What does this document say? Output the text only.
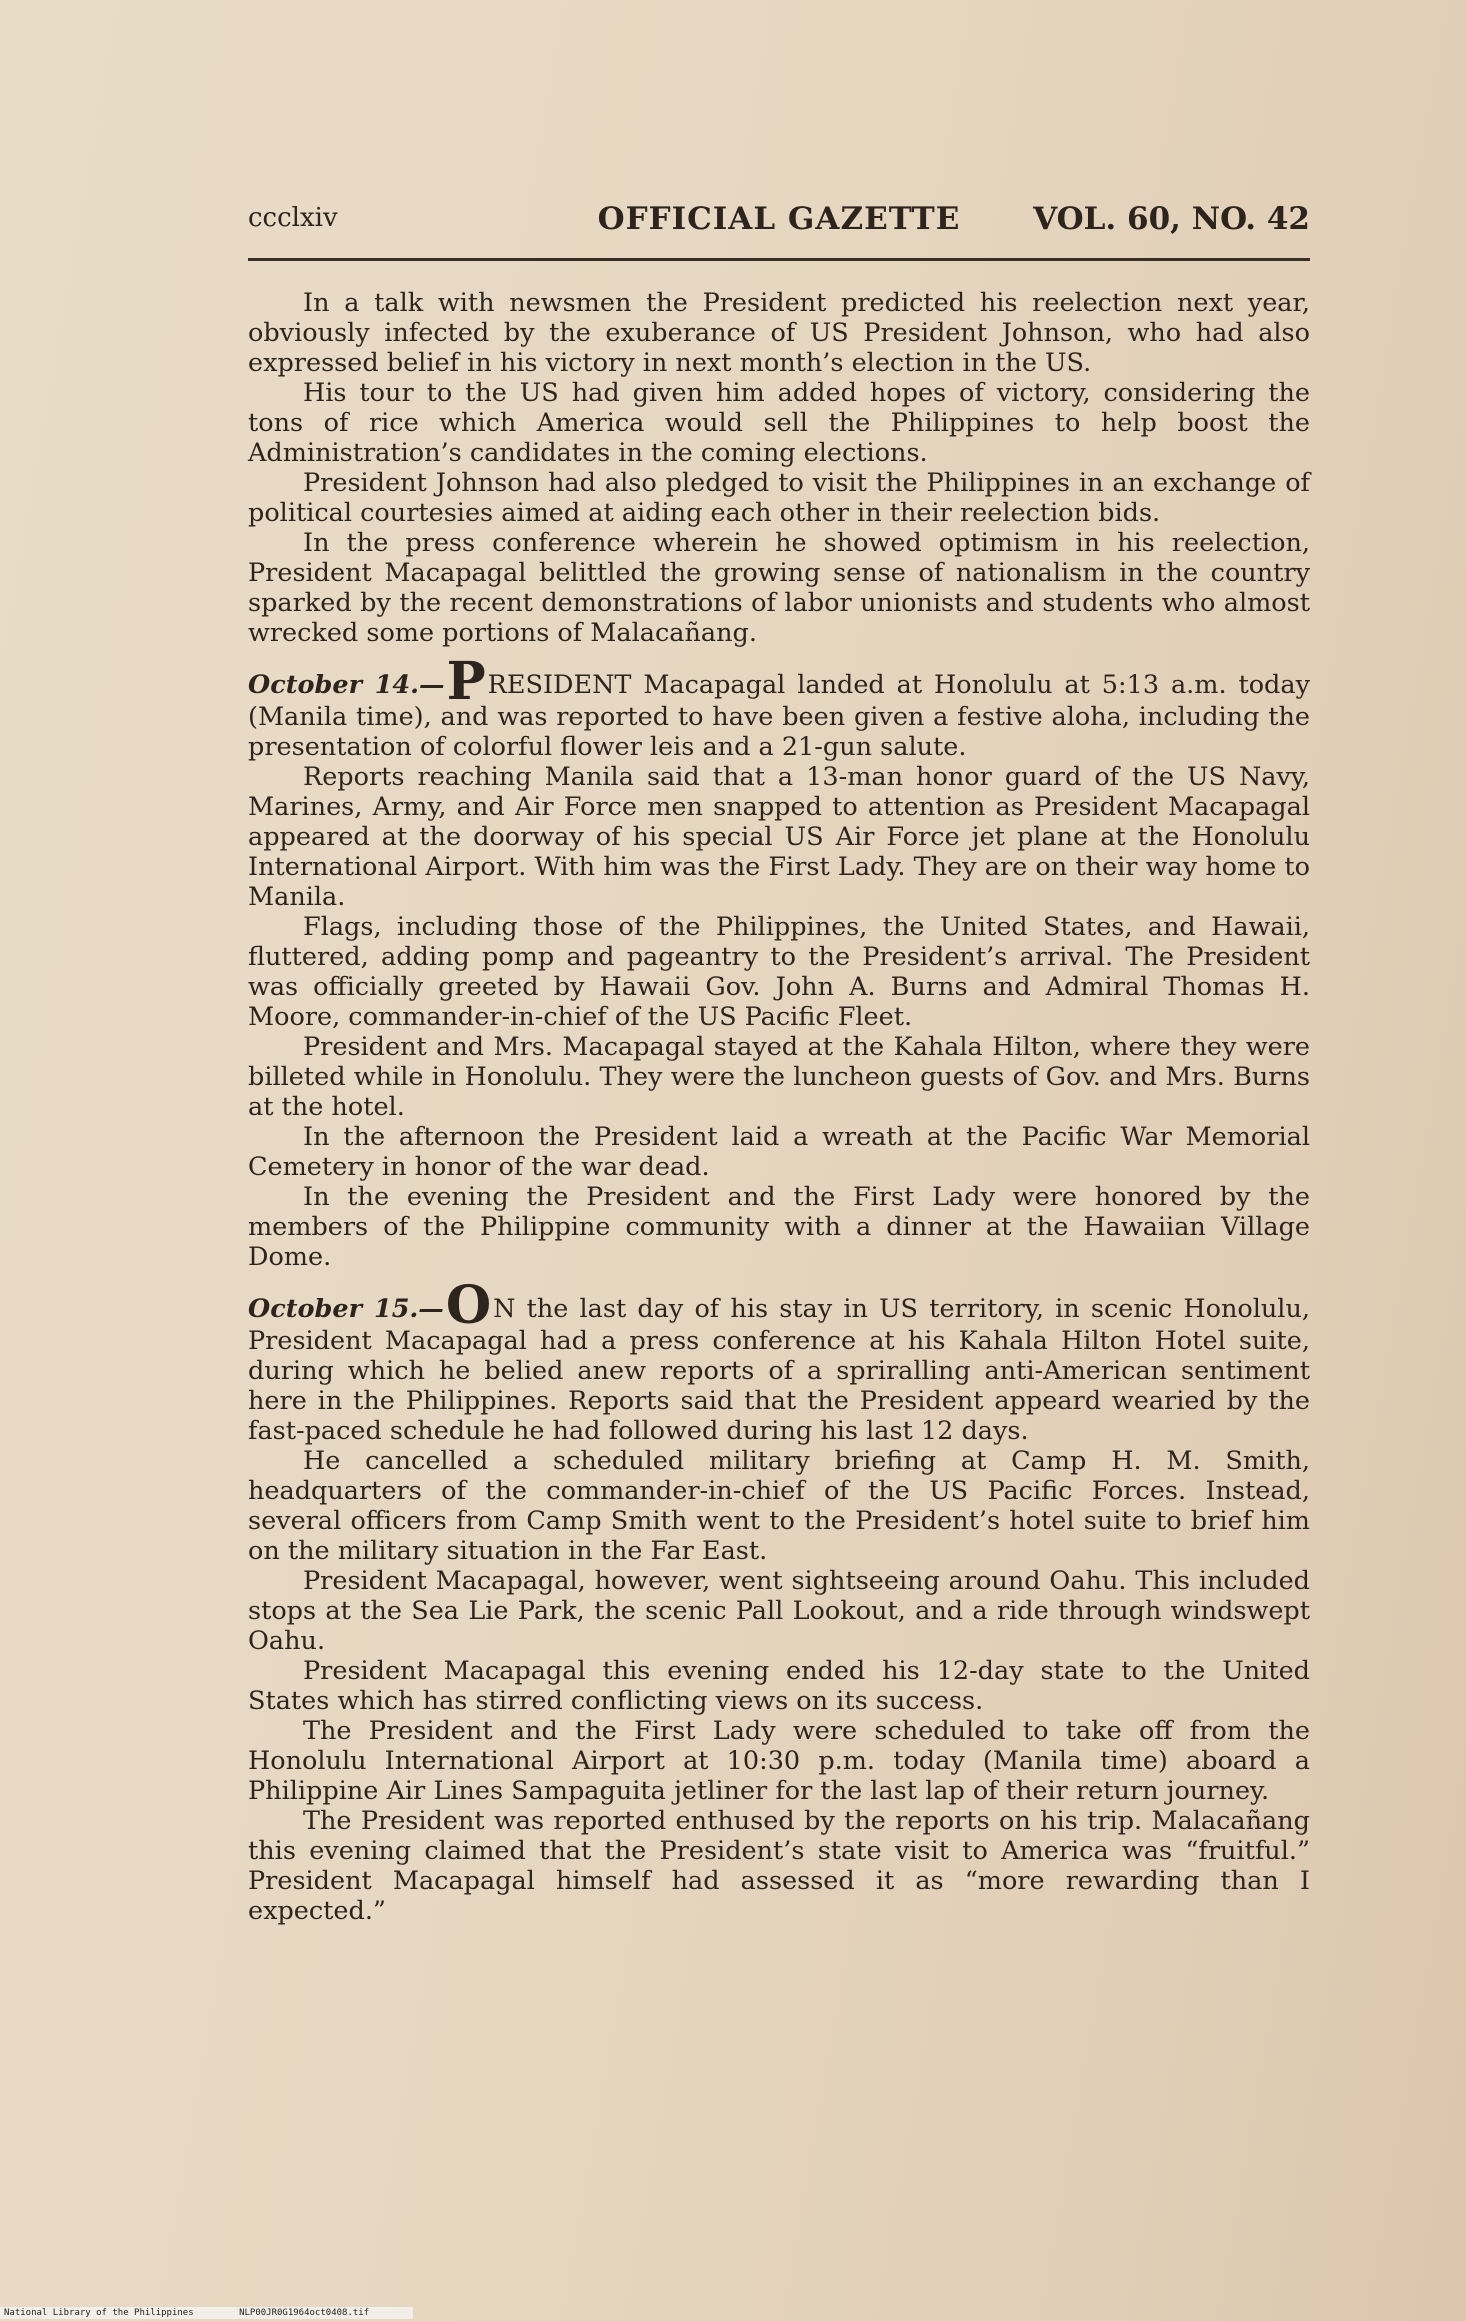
ccclxiv	OFFICIAL GAZETTE	VOL. 60, NO. 42

In a talk with newsmen the President predicted his reelection next year, obviously infected by the exuberance of US President Johnson, who had also expressed belief in his victory in next month’s election in the US.

His tour to the US had given him added hopes of victory, considering the tons of rice which America would sell the Philippines to help boost the Administration’s candidates in the coming elections.

President Johnson had also pledged to visit the Philippines in an exchange of political courtesies aimed at aiding each other in their reelection bids.

In the press conference wherein he showed optimism in his reelection, President Macapagal belittled the growing sense of nationalism in the country sparked by the recent demonstrations of labor unionists and students who almost wrecked some portions of Malacañang.

October 14.—PRESIDENT Macapagal landed at Honolulu at 5:13 a.m. today (Manila time), and was reported to have been given a festive aloha, including the presentation of colorful flower leis and a 21-gun salute.

Reports reaching Manila said that a 13-man honor guard of the US Navy, Marines, Army, and Air Force men snapped to attention as President Macapagal appeared at the doorway of his special US Air Force jet plane at the Honolulu International Airport. With him was the First Lady. They are on their way home to Manila.

Flags, including those of the Philippines, the United States, and Hawaii, fluttered, adding pomp and pageantry to the President’s arrival. The President was officially greeted by Hawaii Gov. John A. Burns and Admiral Thomas H. Moore, commander-in-chief of the US Pacific Fleet.

President and Mrs. Macapagal stayed at the Kahala Hilton, where they were billeted while in Honolulu. They were the luncheon guests of Gov. and Mrs. Burns at the hotel.

In the afternoon the President laid a wreath at the Pacific War Memorial Cemetery in honor of the war dead.

In the evening the President and the First Lady were honored by the members of the Philippine community with a dinner at the Hawaiian Village Dome.

October 15.—ON the last day of his stay in US territory, in scenic Honolulu, President Macapagal had a press conference at his Kahala Hilton Hotel suite, during which he belied anew reports of a spriralling anti-American sentiment here in the Philippines. Reports said that the President appeard wearied by the fast-paced schedule he had followed during his last 12 days.

He cancelled a scheduled military briefing at Camp H. M. Smith, headquarters of the commander-in-chief of the US Pacific Forces. Instead, several officers from Camp Smith went to the President’s hotel suite to brief him on the military situation in the Far East.

President Macapagal, however, went sightseeing around Oahu. This included stops at the Sea Lie Park, the scenic Pall Lookout, and a ride through windswept Oahu.

President Macapagal this evening ended his 12-day state to the United States which has stirred conflicting views on its success.

The President and the First Lady were scheduled to take off from the Honolulu International Airport at 10:30 p.m. today (Manila time) aboard a Philippine Air Lines Sampaguita jetliner for the last lap of their return journey.

The President was reported enthused by the reports on his trip. Malacañang this evening claimed that the President’s state visit to America was “fruitful.” President Macapagal himself had assessed it as “more rewarding than I expected.”

National Library of the Philippines	NLP00JR0G1964oct0408.tif
